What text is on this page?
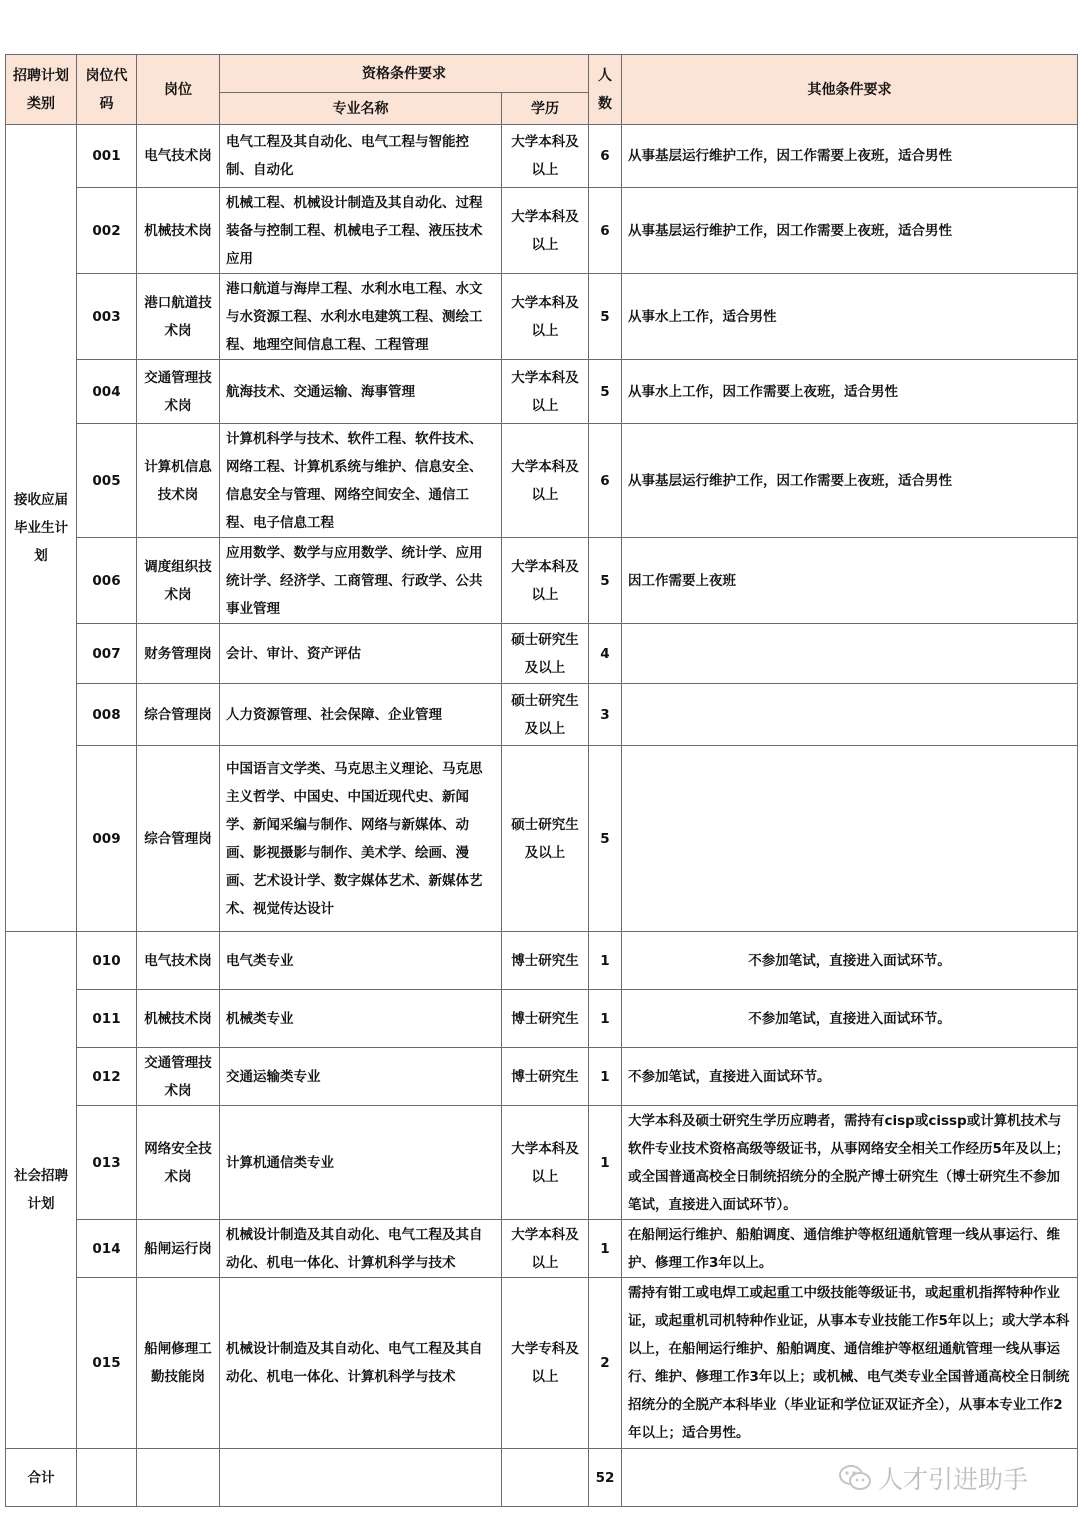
招聘计划类别	岗位代码	岗位	资格条件要求		人数	其他条件要求
			专业名称	学历		
接收应届毕业生计划	001	电气技术岗	电气工程及其自动化、电气工程与智能控制、自动化	大学本科及以上	6	从事基层运行维护工作，因工作需要上夜班，适合男性
	002	机械技术岗	机械工程、机械设计制造及其自动化、过程装备与控制工程、机械电子工程、液压技术应用	大学本科及以上	6	从事基层运行维护工作，因工作需要上夜班，适合男性
	003	港口航道技术岗	港口航道与海岸工程、水利水电工程、水文与水资源工程、水利水电建筑工程、测绘工程、地理空间信息工程、工程管理	大学本科及以上	5	从事水上工作，适合男性
	004	交通管理技术岗	航海技术、交通运输、海事管理	大学本科及以上	5	从事水上工作，因工作需要上夜班，适合男性
	005	计算机信息技术岗	计算机科学与技术、软件工程、软件技术、网络工程、计算机系统与维护、信息安全、信息安全与管理、网络空间安全、通信工程、电子信息工程	大学本科及以上	6	从事基层运行维护工作，因工作需要上夜班，适合男性
	006	调度组织技术岗	应用数学、数学与应用数学、统计学、应用统计学、经济学、工商管理、行政学、公共事业管理	大学本科及以上	5	因工作需要上夜班
	007	财务管理岗	会计、审计、资产评估	硕士研究生及以上	4	
	008	综合管理岗	人力资源管理、社会保障、企业管理	硕士研究生及以上	3	
	009	综合管理岗	中国语言文学类、马克思主义理论、马克思主义哲学、中国史、中国近现代史、新闻学、新闻采编与制作、网络与新媒体、动画、影视摄影与制作、美术学、绘画、漫画、艺术设计学、数字媒体艺术、新媒体艺术、视觉传达设计	硕士研究生及以上	5	
社会招聘计划	010	电气技术岗	电气类专业	博士研究生	1	不参加笔试，直接进入面试环节。
	011	机械技术岗	机械类专业	博士研究生	1	不参加笔试，直接进入面试环节。
	012	交通管理技术岗	交通运输类专业	博士研究生	1	不参加笔试，直接进入面试环节。
	013	网络安全技术岗	计算机通信类专业	大学本科及以上	1	大学本科及硕士研究生学历应聘者，需持有cisp或cissp或计算机技术与软件专业技术资格高级等级证书，从事网络安全相关工作经历5年及以上；或全国普通高校全日制统招统分的全脱产博士研究生（博士研究生不参加笔试，直接进入面试环节）。
	014	船闸运行岗	机械设计制造及其自动化、电气工程及其自动化、机电一体化、计算机科学与技术	大学本科及以上	1	在船闸运行维护、船舶调度、通信维护等枢纽通航管理一线从事运行、维护、修理工作3年以上。
	015	船闸修理工勤技能岗	机械设计制造及其自动化、电气工程及其自动化、机电一体化、计算机科学与技术	大学专科及以上	2	需持有钳工或电焊工或起重工中级技能等级证书，或起重机指挥特种作业证，或起重机司机特种作业证，从事本专业技能工作5年以上；或大学本科以上，在船闸运行维护、船舶调度、通信维护等枢纽通航管理一线从事运行、维护、修理工作3年以上；或机械、电气类专业全国普通高校全日制统招统分的全脱产本科毕业（毕业证和学位证双证齐全），从事本专业工作2年以上；适合男性。
合计					52		人才引进助手
